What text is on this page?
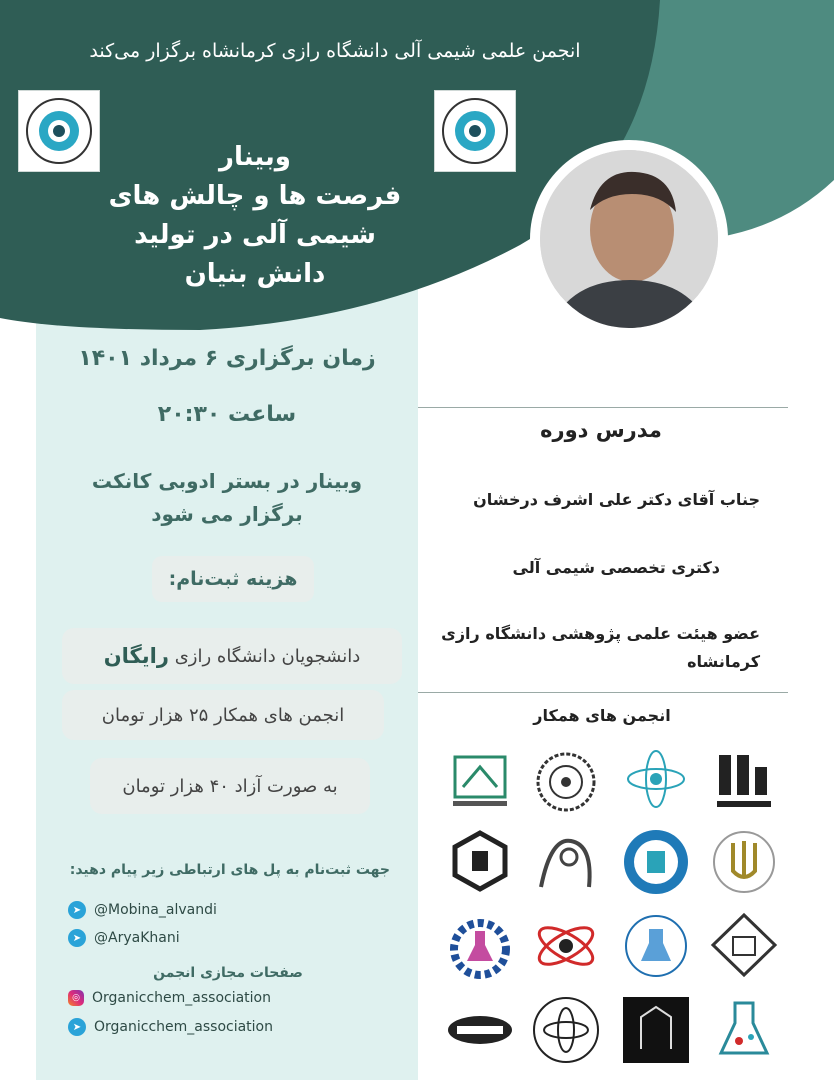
انجمن علمی شیمی آلی دانشگاه رازی کرمانشاه برگزار می‌کند
وبینار
فرصت ها و چالش های
شیمی آلی در تولید
دانش بنیان
زمان برگزاری ۶ مرداد ۱۴۰۱
ساعت ۲۰:۳۰
وبینار در بستر ادوبی کانکت
برگزار می شود
هزینه ثبت‌نام:
دانشجویان دانشگاه رازی

رایگان
انجمن های همکار ۲۵ هزار تومان
به صورت آزاد ۴۰ هزار تومان
جهت ثبت‌نام به پل های ارتباطی زیر پیام دهید:
➤ @Mobina_alvandi
➤ @AryaKhani
صفحات مجازی انجمن
◎ Organicchem_association
➤ Organicchem_association
مدرس دوره
جناب آقای دکتر علی اشرف درخشان
دکتری تخصصی شیمی آلی
عضو هیئت علمی پژوهشی دانشگاه رازی کرمانشاه
انجمن های همکار
